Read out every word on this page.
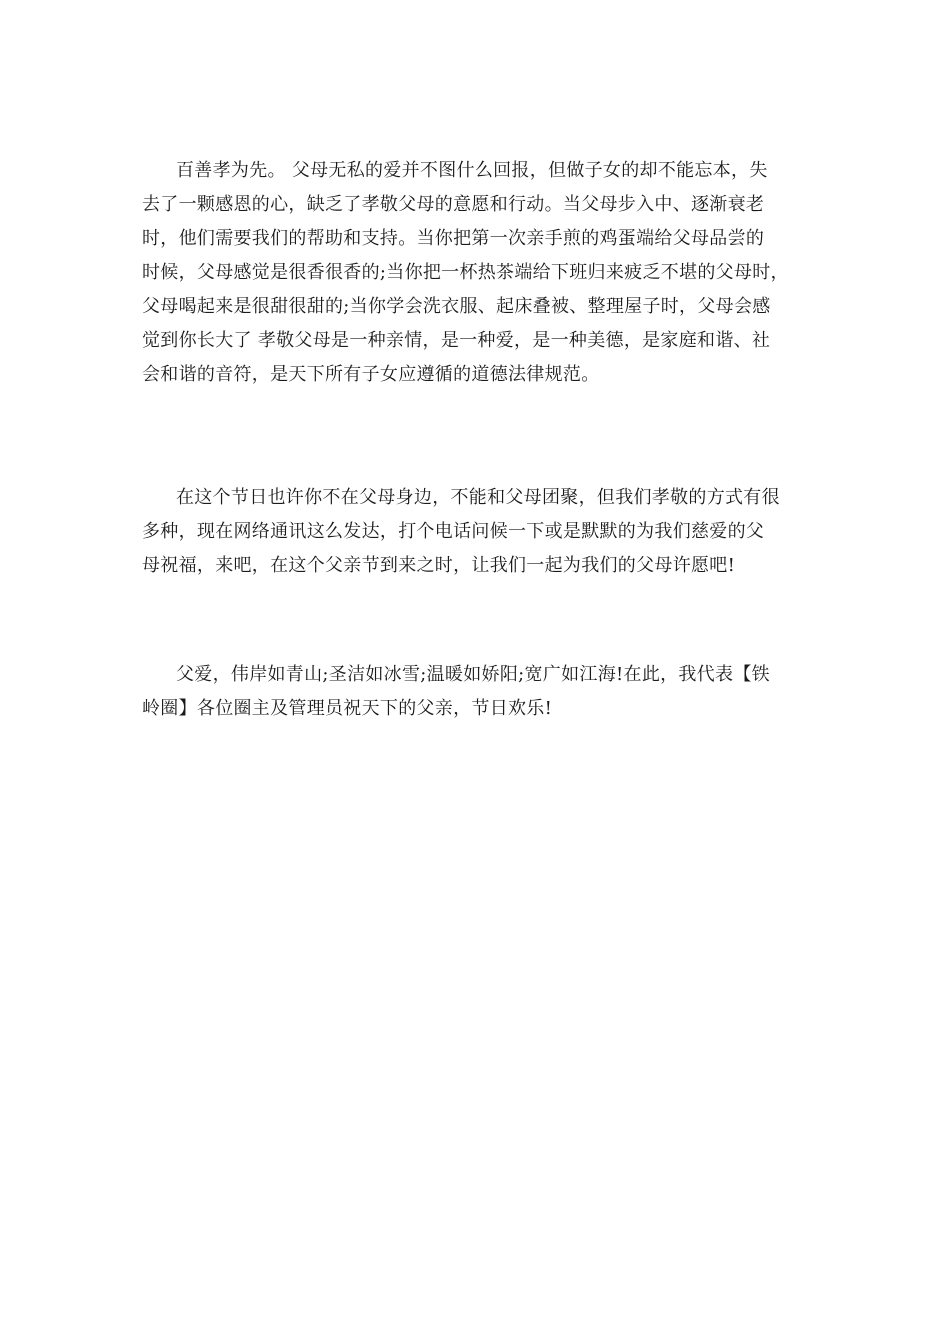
百善孝为先。 父母无私的爱并不图什么回报，但做子女的却不能忘本，失
去了一颗感恩的心，缺乏了孝敬父母的意愿和行动。当父母步入中、逐渐衰老
时，他们需要我们的帮助和支持。当你把第一次亲手煎的鸡蛋端给父母品尝的
时候，父母感觉是很香很香的;当你把一杯热茶端给下班归来疲乏不堪的父母时，
父母喝起来是很甜很甜的;当你学会洗衣服、起床叠被、整理屋子时，父母会感
觉到你长大了 孝敬父母是一种亲情，是一种爱，是一种美德，是家庭和谐、社
会和谐的音符，是天下所有子女应遵循的道德法律规范。
在这个节日也许你不在父母身边，不能和父母团聚，但我们孝敬的方式有很
多种，现在网络通讯这么发达，打个电话问候一下或是默默的为我们慈爱的父
母祝福，来吧，在这个父亲节到来之时，让我们一起为我们的父母许愿吧!
父爱，伟岸如青山;圣洁如冰雪;温暖如娇阳;宽广如江海!在此，我代表【铁
岭圈】各位圈主及管理员祝天下的父亲，节日欢乐!
